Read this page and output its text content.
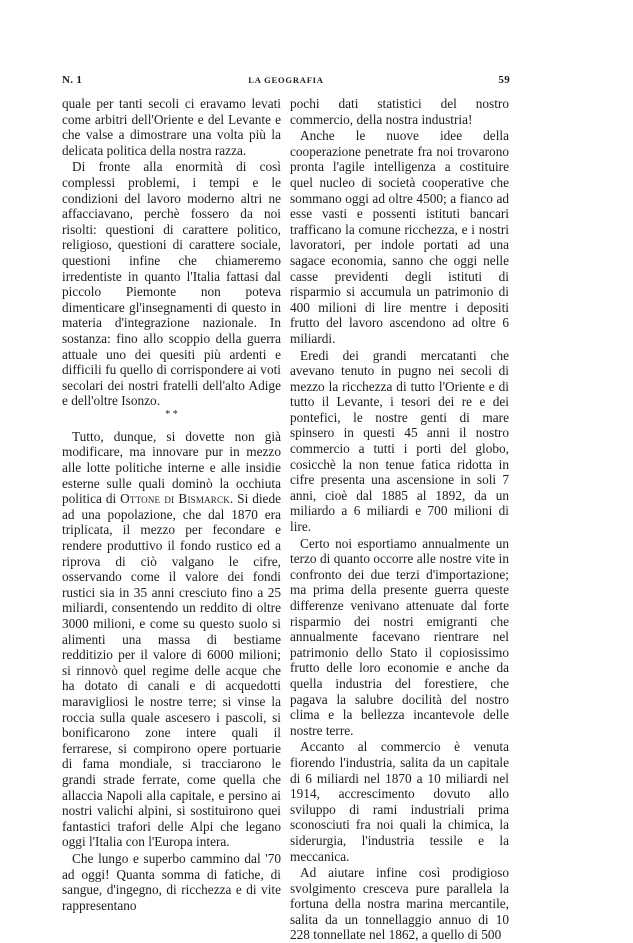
N. 1	LA GEOGRAFIA	59

quale per tanti secoli ci eravamo levati come arbitri dell'Oriente e del Levante e che valse a dimostrare una volta più la delicata politica della nostra razza.

Di fronte alla enormità di così complessi problemi, i tempi e le condizioni del lavoro moderno altri ne affacciavano, perchè fossero da noi risolti: questioni di carattere politico, religioso, questioni di carattere sociale, questioni infine che chiameremo irredentiste in quanto l'Italia fattasi dal piccolo Piemonte non poteva dimenticare gl'insegnamenti di questo in materia d'integrazione nazionale. In sostanza: fino allo scoppio della guerra attuale uno dei quesiti più ardenti e difficili fu quello di corrispondere ai voti secolari dei nostri fratelli dell'alto Adige e dell'oltre Isonzo.

* *

Tutto, dunque, si dovette non già modificare, ma innovare pur in mezzo alle lotte politiche interne e alle insidie esterne sulle quali dominò la occhiuta politica di Ottone di Bismarck. Si diede ad una popolazione, che dal 1870 era triplicata, il mezzo per fecondare e rendere produttivo il fondo rustico ed a riprova di ciò valgano le cifre, osservando come il valore dei fondi rustici sia in 35 anni cresciuto fino a 25 miliardi, consentendo un reddito di oltre 3000 milioni, e come su questo suolo si alimenti una massa di bestiame redditizio per il valore di 6000 milioni; si rinnovò quel regime delle acque che ha dotato di canali e di acquedotti maravigliosi le nostre terre; si vinse la roccia sulla quale ascesero i pascoli, si bonificarono zone intere quali il ferrarese, si compirono opere portuarie di fama mondiale, si tracciarono le grandi strade ferrate, come quella che allaccia Napoli alla capitale, e persino ai nostri valichi alpini, si sostituirono quei fantastici trafori delle Alpi che legano oggi l'Italia con l'Europa intera.

Che lungo e superbo cammino dal '70 ad oggi! Quanta somma di fatiche, di sangue, d'ingegno, di ricchezza e di vite rappresentano

pochi dati statistici del nostro commercio, della nostra industria!

Anche le nuove idee della cooperazione penetrate fra noi trovarono pronta l'agile intelligenza a costituire quel nucleo di società cooperative che sommano oggi ad oltre 4500; a fianco ad esse vasti e possenti istituti bancari trafficano la comune ricchezza, e i nostri lavoratori, per indole portati ad una sagace economia, sanno che oggi nelle casse previdenti degli istituti di risparmio si accumula un patrimonio di 400 milioni di lire mentre i depositi frutto del lavoro ascendono ad oltre 6 miliardi.

Eredi dei grandi mercatanti che avevano tenuto in pugno nei secoli di mezzo la ricchezza di tutto l'Oriente e di tutto il Levante, i tesori dei re e dei pontefici, le nostre genti di mare spinsero in questi 45 anni il nostro commercio a tutti i porti del globo, cosicchè la non tenue fatica ridotta in cifre presenta una ascensione in soli 7 anni, cioè dal 1885 al 1892, da un miliardo a 6 miliardi e 700 milioni di lire.

Certo noi esportiamo annualmente un terzo di quanto occorre alle nostre vite in confronto dei due terzi d'importazione; ma prima della presente guerra queste differenze venivano attenuate dal forte risparmio dei nostri emigranti che annualmente facevano rientrare nel patrimonio dello Stato il copiosissimo frutto delle loro economie e anche da quella industria del forestiere, che pagava la salubre docilità del nostro clima e la bellezza incantevole delle nostre terre.

Accanto al commercio è venuta fiorendo l'industria, salita da un capitale di 6 miliardi nel 1870 a 10 miliardi nel 1914, accrescimento dovuto allo sviluppo di rami industriali prima sconosciuti fra noi quali la chimica, la siderurgia, l'industria tessile e la meccanica.

Ad aiutare infine così prodigioso svolgimento cresceva pure parallela la fortuna della nostra marina mercantile, salita da un tonnellaggio annuo di 10 228 tonnellate nel 1862, a quello di 500
